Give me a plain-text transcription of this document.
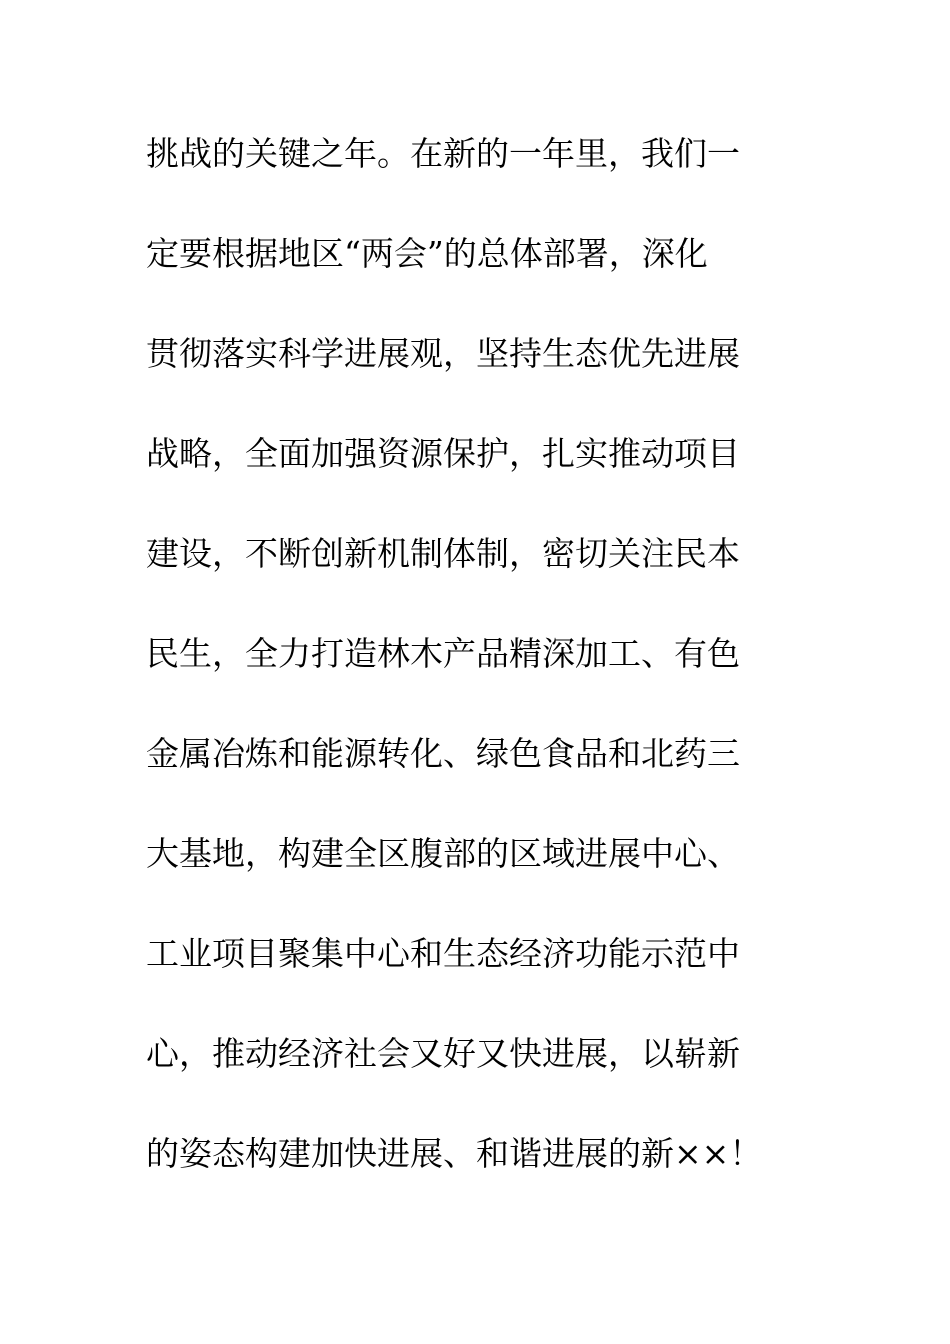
挑战的关键之年。在新的一年里，我们一
定要根据地区“两会”的总体部署，深化
贯彻落实科学进展观，坚持生态优先进展
战略，全面加强资源保护，扎实推动项目
建设，不断创新机制体制，密切关注民本
民生，全力打造林木产品精深加工、有色
金属冶炼和能源转化、绿色食品和北药三
大基地，构建全区腹部的区域进展中心、
工业项目聚集中心和生态经济功能示范中
心，推动经济社会又好又快进展，以崭新
的姿态构建加快进展、和谐进展的新××！
